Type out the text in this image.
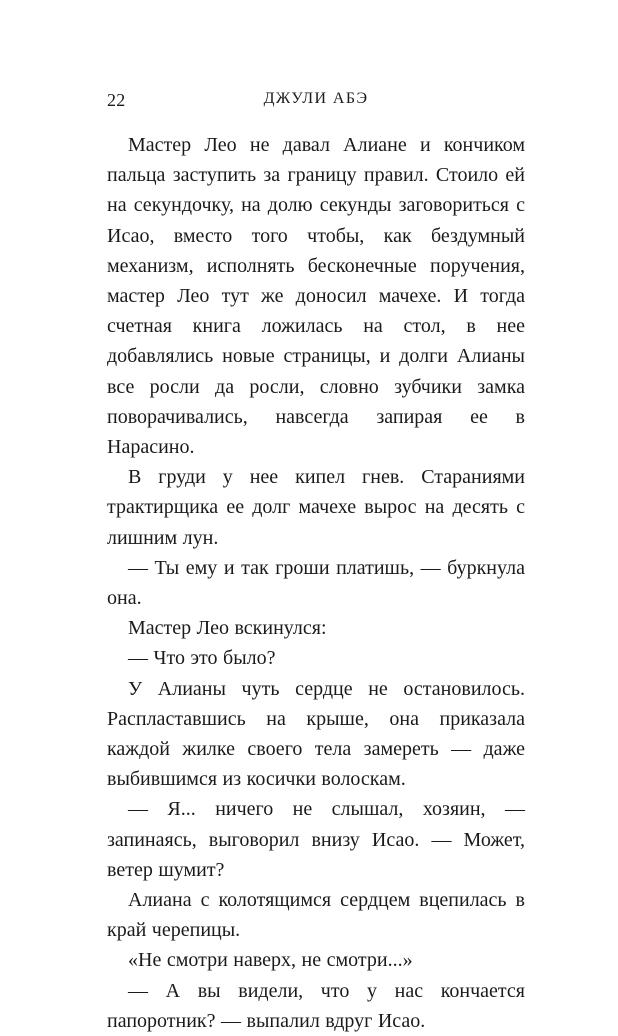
22	ДЖУЛИ АБЭ

Мастер Лео не давал Алиане и кончиком пальца заступить за границу правил. Стоило ей на секундочку, на долю секунды заговориться с Исао, вместо того чтобы, как бездумный механизм, исполнять бесконечные поручения, мастер Лео тут же доносил мачехе. И тогда счетная книга ложилась на стол, в нее добавлялись новые страницы, и долги Алианы все росли да росли, словно зубчики замка поворачивались, навсегда запирая ее в Нарасино.

В груди у нее кипел гнев. Стараниями трактирщика ее долг мачехе вырос на десять с лишним лун.

— Ты ему и так гроши платишь, — буркнула она.

Мастер Лео вскинулся:

— Что это было?

У Алианы чуть сердце не остановилось. Распластавшись на крыше, она приказала каждой жилке своего тела замереть — даже выбившимся из косички волоскам.

— Я... ничего не слышал, хозяин, — запинаясь, выговорил внизу Исао. — Может, ветер шумит?

Алиана с колотящимся сердцем вцепилась в край черепицы.

«Не смотри наверх, не смотри...»

— А вы видели, что у нас кончается папоротник? — выпалил вдруг Исао.
